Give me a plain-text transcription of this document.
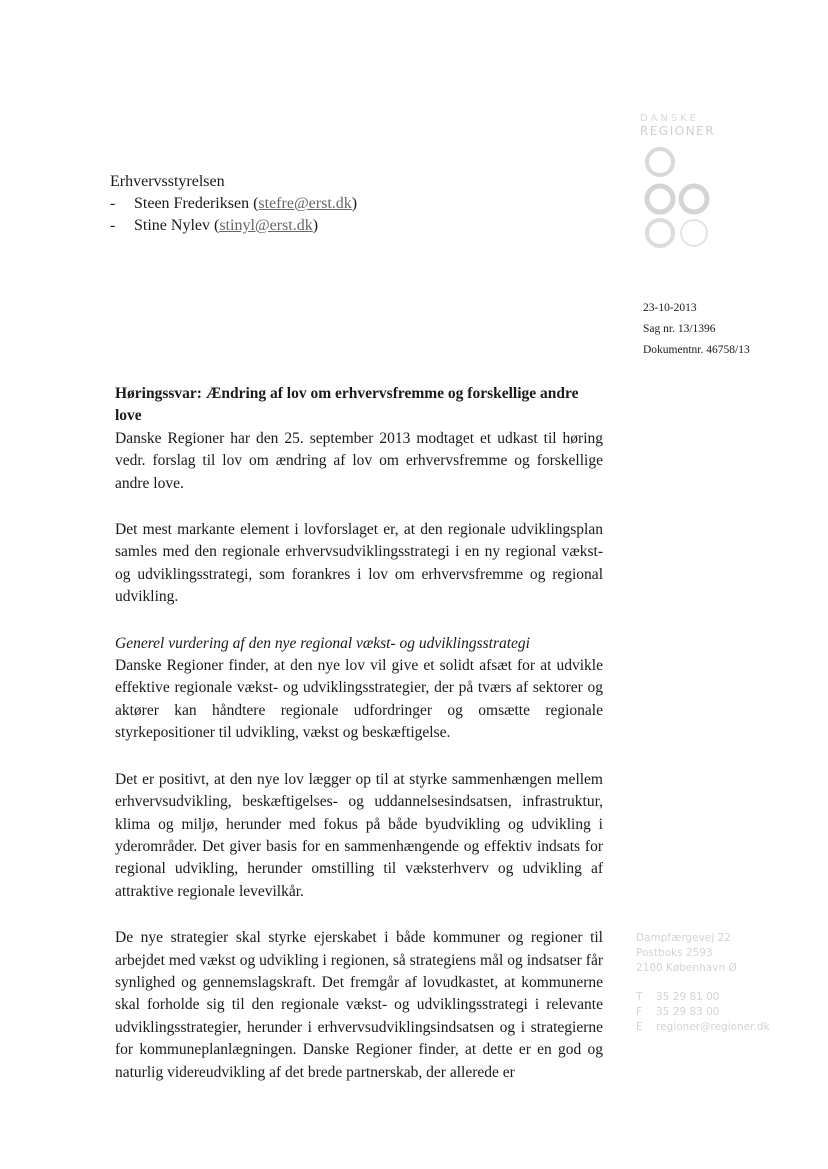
DANSKE
REGIONER
Erhvervsstyrelsen
-	Steen Frederiksen ( stefre@erst.dk )
-	Stine Nylev ( stinyl@erst.dk )
23-10-2013
Sag nr. 13/1396
Dokumentnr. 46758/13
Høringssvar: Ændring af lov om erhvervsfremme og forskellige andre love

Danske Regioner har den 25. september 2013 modtaget et udkast til høring vedr. forslag til lov om ændring af lov om erhvervsfremme og forskellige andre love.

Det mest markante element i lovforslaget er, at den regionale udviklingsplan samles med den regionale erhvervsudviklingsstrategi i en ny regional vækst- og udviklingsstrategi, som forankres i lov om erhvervsfremme og regional udvikling.

Generel vurdering af den nye regional vækst- og udviklingsstrategi

Danske Regioner finder, at den nye lov vil give et solidt afsæt for at udvikle effektive regionale vækst- og udviklingsstrategier, der på tværs af sektorer og aktører kan håndtere regionale udfordringer og omsætte regionale styrkepositioner til udvikling, vækst og beskæftigelse.

Det er positivt, at den nye lov lægger op til at styrke sammenhængen mellem erhvervsudvikling, beskæftigelses- og uddannelsesindsatsen, infrastruktur, klima og miljø, herunder med fokus på både byudvikling og udvikling i yderområder. Det giver basis for en sammenhængende og effektiv indsats for regional udvikling, herunder omstilling til væksterhverv og udvikling af attraktive regionale levevilkår.

De nye strategier skal styrke ejerskabet i både kommuner og regioner til arbejdet med vækst og udvikling i regionen, så strategiens mål og indsatser får synlighed og gennemslagskraft. Det fremgår af lovudkastet, at kommunerne skal forholde sig til den regionale vækst- og udviklingsstrategi i relevante udviklingsstrategier, herunder i erhvervsudviklingsindsatsen og i strategierne for kommuneplanlægningen. Danske Regioner finder, at dette er en god og naturlig videreudvikling af det brede partnerskab, der allerede er

Dampfærgevej 22
Postboks 2593
2100 København Ø
T	35 29 81 00
F	35 29 83 00
E	regioner@regioner.dk
